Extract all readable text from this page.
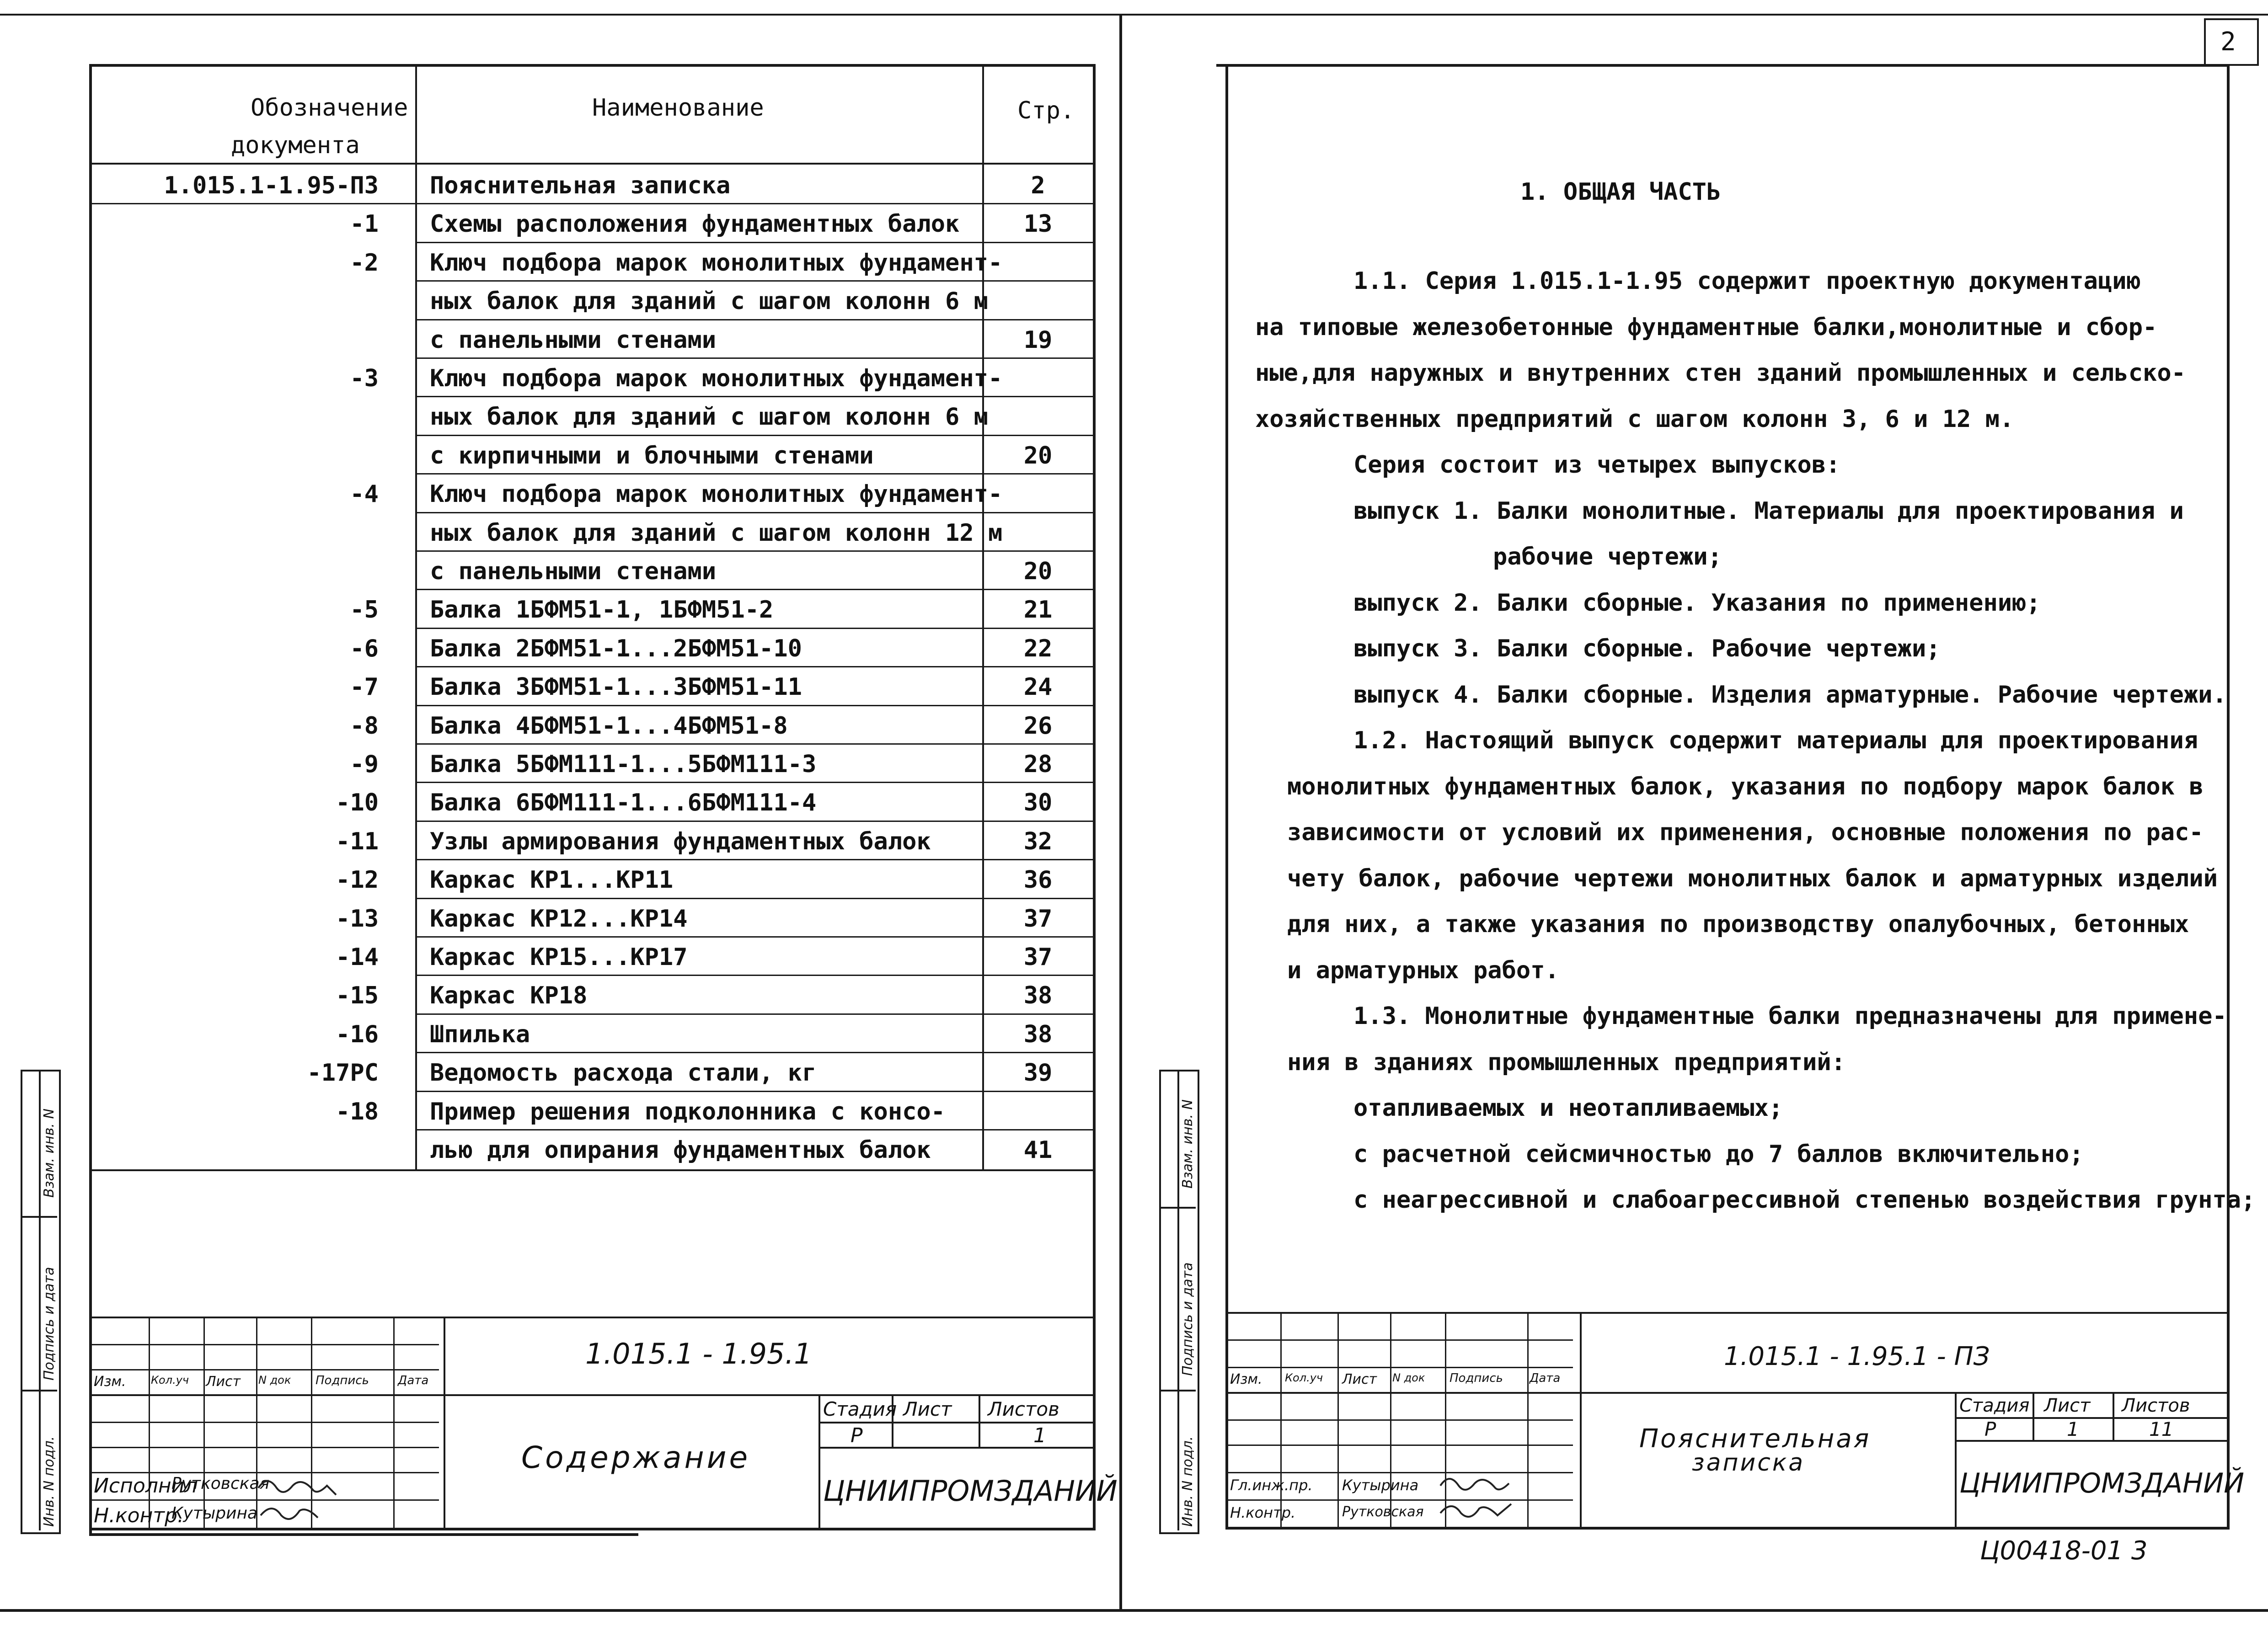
2
Обозначение
документа
Наименование	Стр.
1.015.1-1.95-ПЗ Пояснительная записка	2
-1 Схемы расположения фундаментных балок	13
-2 Ключ подбора марок монолитных фундамент-
ных балок для зданий с шагом колонн 6 м
с панельными стенами	19
-3 Ключ подбора марок монолитных фундамент-
ных балок для зданий с шагом колонн 6 м
с кирпичными и блочными стенами	20
-4 Ключ подбора марок монолитных фундамент-
ных балок для зданий с шагом колонн 12 м
с панельными стенами	20
-5 Балка 1БФМ51-1, 1БФМ51-2	21
-6 Балка 2БФМ51-1...2БФМ51-10	22
-7 Балка 3БФМ51-1...3БФМ51-11	24
-8 Балка 4БФМ51-1...4БФМ51-8	26
-9 Балка 5БФМ111-1...5БФМ111-3	28
-10 Балка 6БФМ111-1...6БФМ111-4	30
-11 Узлы армирования фундаментных балок	32
-12 Каркас КР1...КР11	36
-13 Каркас КР12...КР14	37
-14 Каркас КР15...КР17	37
-15 Каркас КР18	38
-16 Шпилька	38
-17РС Ведомость расхода стали, кг	39
-18 Пример решения подколонника с консо-
лью для опирания фундаментных балок	41
Взам. инв. N
Подпись и дата
Инв. N подл.
1.015.1 - 1.95.1
Содержание
Изм. Кол.уч Лист N док Подпись Дата
Исполнил
Рутковская
Н.контр.
Кутырина
Стадия Лист Листов
Р	1
ЦНИИПРОМЗДАНИЙ
1. ОБЩАЯ ЧАСТЬ
1.1. Серия 1.015.1-1.95 содержит проектную документацию
на типовые железобетонные фундаментные балки,монолитные и сбор-
ные,для наружных и внутренних стен зданий промышленных и сельско-
хозяйственных предприятий с шагом колонн 3, 6 и 12 м.
Серия состоит из четырех выпусков:
выпуск 1. Балки монолитные. Материалы для проектирования и
рабочие чертежи;
выпуск 2. Балки сборные. Указания по применению;
выпуск 3. Балки сборные. Рабочие чертежи;
выпуск 4. Балки сборные. Изделия арматурные. Рабочие чертежи.
1.2. Настоящий выпуск содержит материалы для проектирования
монолитных фундаментных балок, указания по подбору марок балок в
зависимости от условий их применения, основные положения по рас-
чету балок, рабочие чертежи монолитных балок и арматурных изделий
для них, а также указания по производству опалубочных, бетонных
и арматурных работ.
1.3. Монолитные фундаментные балки предназначены для примене-
ния в зданиях промышленных предприятий:
отапливаемых и неотапливаемых;
с расчетной сейсмичностью до 7 баллов включительно;
с неагрессивной и слабоагрессивной степенью воздействия грунта;
Взам. инв. N
Подпись и дата
Инв. N подл.
1.015.1 - 1.95.1 - ПЗ
Пояснительная
записка
Изм. Кол.уч Лист N док Подпись Дата
Гл.инж.пр. Кутырина
Н.контр.	Рутковская
Стадия Лист Листов
Р	1	11
ЦНИИПРОМЗДАНИЙ
Ц00418-01 3
